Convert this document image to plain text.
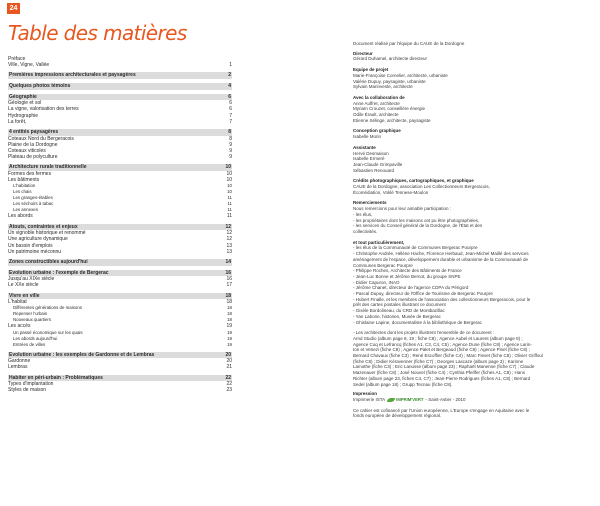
24
Table des matières
Préface
Ville, Vigne, Vallée	1
Premières impressions architecturales et paysagères	2
Quelques photos témoins	4
Géographie	6
Géologie et sol	6
La vigne, valorisation des terres	6
Hydrographie	7
La forêt,	7
4 entités paysagères	8
Coteaux Nord du Bergeracois	8
Plaine de la Dordogne	9
Coteaux viticoles	9
Plateau de polyculture	9
Architecture rurale traditionnelle	10
Formes des fermes	10
Les bâtiments	10
L'habitation	10
Les chais	10
Les granges-étables	11
Les séchoirs à tabac	11
Les annexes	11
Les abords	11
Atouts, contraintes et enjeux	12
Un vignoble historique et renommé	12
Une agriculture dynamique	12
Un bassin d'emplois	13
Un patrimoine méconnu	13
Zones constructibles aujourd'hui	14
Evolution urbaine : l'exemple de Bergerac	16
Jusqu'au XIXe siècle	16
Le XXe siècle	17
Vivre en ville	18
L'habitat	18
Différentes générations de maisons	18
Repenser l'urbain	18
Nouveaux quartiers	18
Les accès	19
Un passé économique sur les quais	19
Les abords aujourd'hui	19
Entrées de villes	19
Evolution urbaine : les exemples de Gardonne et de Lembras	20
Gardonne	20
Lembras	21
Habiter en péri-urbain : Problématiques	22
Types d'implantation	22
Styles de maison	23
Document réalisé par l'équipe du CAUE de la Dordogne
Directeur
Gérard Duhamel, architecte directeur
Equipe de projet
Marie-Françoise Cornelier, architecte, urbaniste
Valérie Dupuy, paysagiste, urbaniste
Sylvain Marinveste, architecte
Avec la collaboration de
Anne Auffret, architecte
Myriam Crouzet, conseillère énergie
Odile Érault, architecte
Etienne Sélinge, architecte, paysagiste
Conception graphique
Isabelle Morin
Assistante
Hervé Desmaison
Isabelle Ermeré
Jean-Claude Grimpaville
Sébastien Renouard
Crédits photographiques, cartographiques, et graphique
CAUE de la Dordogne, association Les Collectionneurs Bergeracois,
Écomédiation, Voklé Tennese-Moulon
Remerciements
Nous remercions pour leur aimable participation :
- les élus,
- les propriétaires dont les maisons ont pu être photographiées,
- les services du Conseil général de la Dordogne, de l'État et des
collectivités.
et tout particulièrement,
- les élus de la Communauté de Communes Bergerac Pourpre
- Christophe Andrée, Hélène Hache, Florence Herbaud, Jean-Michel Maillé des services
aménagement de l'espace, développement durable et urbanisme de la Communauté de
Communes Bergerac Pourpre
- Philippe Roches, Architecte des Bâtiments de France
- Jean-Luc Bonne et Jérôme Bernot, du groupe SNPE
- Didier Capuron, INAO
- Jérôme Chanet, directeur de l'agence CDPA du Périgord
- Pascal Dupuy, directeur de l'Office de Tourisme de Bergerac Pourpre
- Hubert Finalle, et les membres de l'association des collectionneurs Bergeracois, pour le
prêt des cartes postales illustrant ce document
- Gisèle Bordolineau, du CRD de Montbazillac
- Yan Laborie, historien, Musée de Bergerac
- Ghislaine Lapine, documentaliste à la bibliothèque de Bergerac
- Les architectes dont les projets illustrent l'ensemble de ce document :
Arnd Studio (album page 8, 19 ; fiche C8) ; Agence Aubel et Laurent (album page 8) ;
Agence Coq et Lefrancq (fiches A1, C3, C4, C5) ; Agence Dune (fiche C8) ; Agence Larin-
ton et Venezi (fiche C8) ; Agence Palet et Bergeaud (fiche C8) ; Agence Pinel (fiche C8) ;
Bernard Chavaux (fiche C3) ; René Escoffier (fiche C4) ; Marc Fievet (fiche C8) ; Olivier Griffoul
(fiche C8) ; Didier Kéravenner (fiche C7) ; Georges Lascaze (album page 3) ; Karinne
Lamothe (fiche C3) ; Eric Lanusse (album page 23) ; Raphaël Manenne (fiche C7) ; Claude
Mazenauer (fiche C8) ; José Nouvel (fiche C4) ; Cynthia Pfeiffer (fiches A1, C8) ; Hans
Richter (album page 23, fiches C4, C7) ; Jean-Pierre Rodrigues (fiches A1, C8) ; Bernard
Sedel (album page 18) ; Grupp Tecnau (fiche C8).
Impression
Imprimerie ISTA	IMPRIM'VERT - Saint-Astier - 2010
Ce cahier est cofinancé par l'Union européenne, L'Europe s'engage en Aquitaine avec le
fonds européen de développement régional.
